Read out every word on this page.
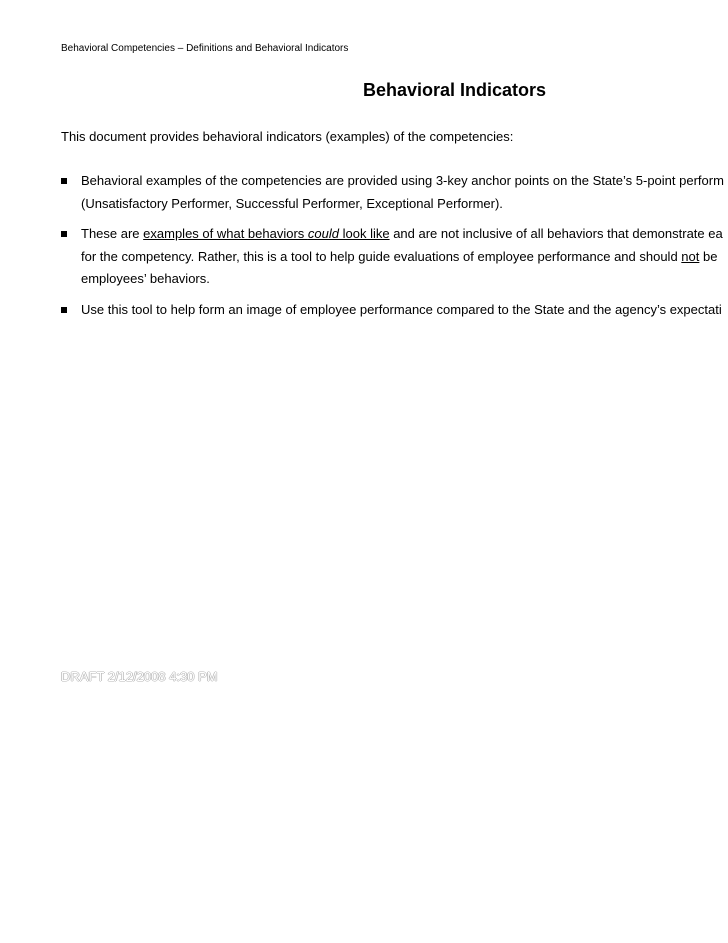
Behavioral Competencies – Definitions and Behavioral Indicators
Behavioral Indicators

This document provides behavioral indicators (examples) of the competencies:

Behavioral examples of the competencies are provided using 3-key anchor points on the State’s 5-point perform
(Unsatisfactory Performer, Successful Performer, Exceptional Performer).
These are examples of what behaviors could look like and are not inclusive of all behaviors that demonstrate ea
for the competency. Rather, this is a tool to help guide evaluations of employee performance and should not be
employees’ behaviors.
Use this tool to help form an image of employee performance compared to the State and the agency’s expectati
DRAFT 2/12/2008 4:30 PM
